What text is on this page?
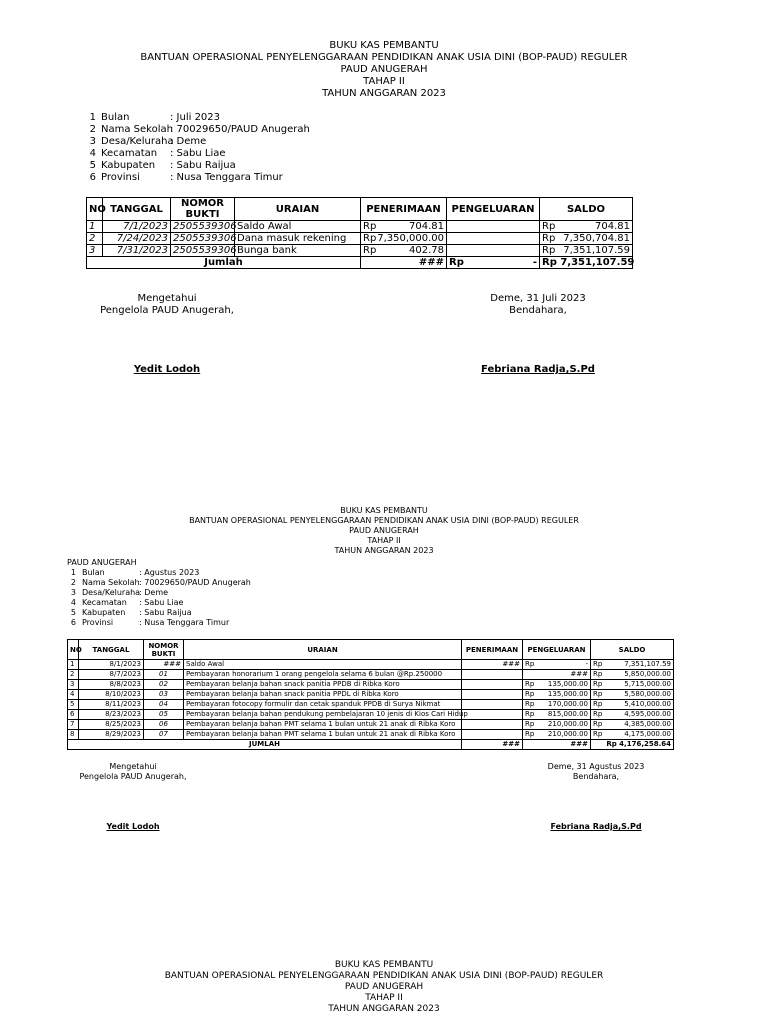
BUKU KAS PEMBANTU
BANTUAN OPERASIONAL PENYELENGGARAAN PENDIDIKAN ANAK USIA DINI (BOP-PAUD) REGULER
PAUD ANUGERAH
TAHAP II
TAHUN ANGGARAN 2023
1 Bulan	: Juli 2023
2 Nama Sekolah
: 70029650/PAUD Anugerah
3 Desa/Keluraha
: Deme
4 Kecamatan : Sabu Liae
5 Kabupaten : Sabu Raijua
6 Provinsi	: Nusa Tenggara Timur
NO	TANGGAL	NOMOR BUKTI	URAIAN	PENERIMAAN	PENGELUARAN	SALDO
1	7/1/2023	2505539306	Saldo Awal	Rp 704.81		Rp 704.81

2	7/24/2023	2505539306	Dana masuk rekening	Rp 7,350,000.00		Rp 7,350,704.81

3	7/31/2023	2505539306	Bunga bank	Rp 402.78		Rp 7,351,107.59

Jumlah				###	Rp -	Rp 7,351,107.59
Mengetahui
Pengelola PAUD Anugerah,
Deme, 31 Juli 2023
Bendahara,
Yedit Lodoh	Febriana Radja,S.Pd
BUKU KAS PEMBANTU
BANTUAN OPERASIONAL PENYELENGGARAAN PENDIDIKAN ANAK USIA DINI (BOP-PAUD) REGULER
PAUD ANUGERAH
TAHAP II
TAHUN ANGGARAN 2023
PAUD ANUGERAH
1 Bulan	: Agustus 2023
2 Nama Sekolah : 70029650/PAUD Anugerah
3 Desa/Keluraha
: Deme
4 Kecamatan : Sabu Liae
5 Kabupaten : Sabu Raijua
6 Provinsi	: Nusa Tenggara Timur
NO	TANGGAL	NOMOR BUKTI	URAIAN	PENERIMAAN	PENGELUARAN	SALDO
1	8/1/2023	###	Saldo Awal	###	Rp -	Rp 7,351,107.59

2	8/7/2023	01	Pembayaran honorarium 1 orang pengelola selama 6 bulan @Rp.250000		###	Rp 5,850,000.00

3	8/8/2023	02	Pembayaran belanja bahan snack panitia PPDB di Ribka Koro		Rp 135,000.00	Rp 5,715,000.00

4	8/10/2023	03	Pembayaran belanja bahan snack panitia PPDL di Ribka Koro		Rp 135,000.00	Rp 5,580,000.00

5	8/11/2023	04	Pembayaran fotocopy formulir dan cetak spanduk PPDB di Surya Nikmat		Rp 170,000.00	Rp 5,410,000.00

6	8/23/2023	05	Pembayaran belanja bahan pendukung pembelajaran 10 jenis di Kios Cari Hidup		Rp 815,000.00	Rp 4,595,000.00

7	8/25/2023	06	Pembayaran belanja bahan PMT selama 1 bulan untuk 21 anak di Ribka Koro		Rp 210,000.00	Rp 4,385,000.00

8	8/29/2023	07	Pembayaran belanja bahan PMT selama 1 bulan untuk 21 anak di Ribka Koro		Rp 210,000.00	Rp 4,175,000.00

JUMLAH				###	###	Rp 4,176,258.64
Mengetahui
Pengelola PAUD Anugerah,
Deme, 31 Agustus 2023
Bendahara,
Yedit Lodoh	Febriana Radja,S.Pd
BUKU KAS PEMBANTU
BANTUAN OPERASIONAL PENYELENGGARAAN PENDIDIKAN ANAK USIA DINI (BOP-PAUD) REGULER
PAUD ANUGERAH
TAHAP II
TAHUN ANGGARAN 2023
